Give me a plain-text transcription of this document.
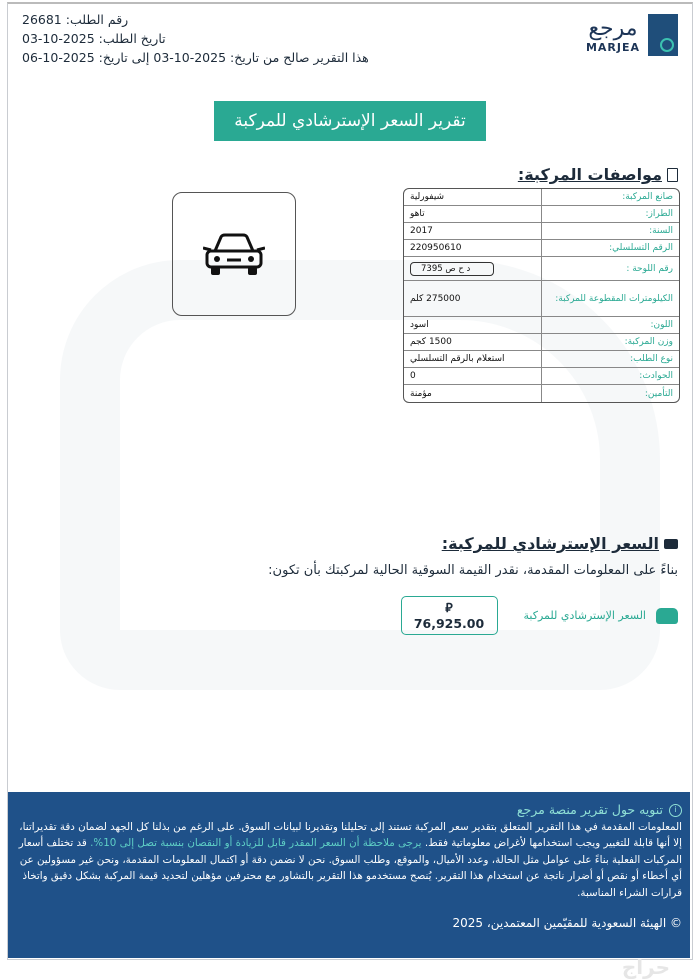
رقم الطلب: 26681
تاريخ الطلب: 2025-10-03
هذا التقرير صالح من تاريخ: 2025-10-03 إلى تاريخ: 2025-10-06
مرجع
MARJEA
تقرير السعر الإسترشادي للمركبة
مواصفات المركبة:
صانع المركبة:	شيفورلية
الطراز:	تاهو
السنة:	2017
الرقم التسلسلي:	220950610
رقم اللوحة :	د ح ص 7395
الكيلومترات المقطوعة للمركبة:	275000 كلم
اللون:	اسود
وزن المركبة:	1500 كجم
نوع الطلب:	استعلام بالرقم التسلسلي
الحوادث:	0
التأمين:	مؤمنة
السعر الإسترشادي للمركبة:
بناءً على المعلومات المقدمة، نقدر القيمة السوقية الحالية لمركبتك بأن تكون:
السعر الإسترشادي للمركبة
⃁ 76,925.00
i
تنويه حول تقرير منصة مرجع
المعلومات المقدمة في هذا التقرير المتعلق بتقدير سعر المركبة تستند إلى تحليلنا وتقديرنا لبيانات السوق. على الرغم من بذلنا كل الجهد لضمان دقة تقديراتنا، إلا أنها قابلة للتغيير ويجب استخدامها لأغراض معلوماتية فقط. يرجى ملاحظة أن السعر المقدر قابل للزيادة أو النقصان بنسبة تصل إلى 10%. قد تختلف أسعار المركبات الفعلية بناءً على عوامل مثل الحالة، وعدد الأميال، والموقع، وطلب السوق. نحن لا نضمن دقة أو اكتمال المعلومات المقدمة، ونحن غير مسؤولين عن أي أخطاء أو نقص أو أضرار ناتجة عن استخدام هذا التقرير. يُنصح مستخدمو هذا التقرير بالتشاور مع محترفين مؤهلين لتحديد قيمة المركبة بشكل دقيق واتخاذ قرارات الشراء المناسبة.
© الهيئة السعودية للمقيّمين المعتمدين، 2025
حراج
